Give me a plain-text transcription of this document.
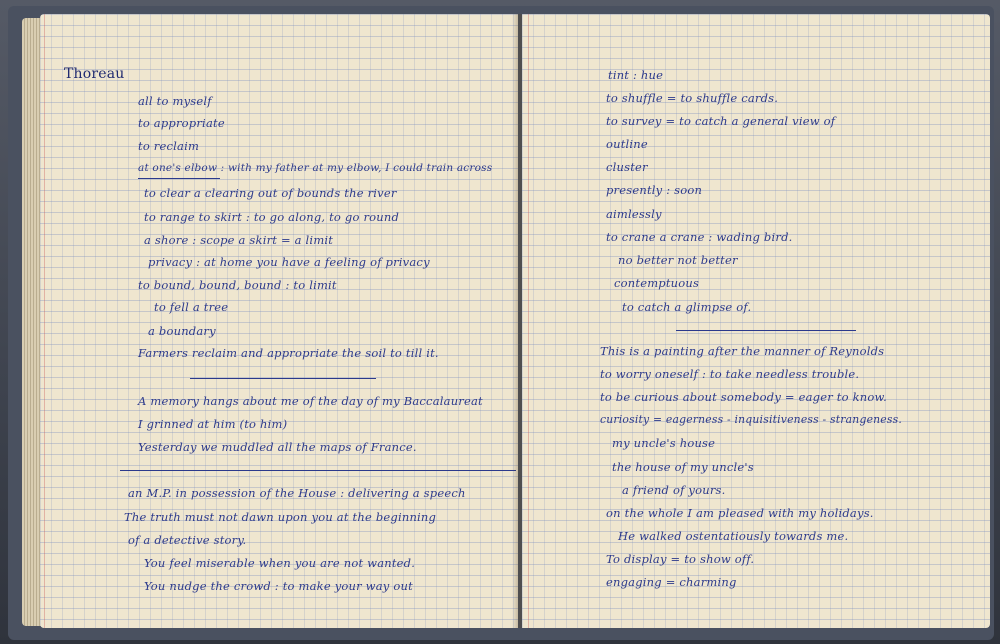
Thoreau
all to myself
to appropriate
to reclaim
at one's elbow : with my father at my elbow, I could train across
to clear a clearing out of bounds the river
to range to skirt : to go along, to go round
a shore : scope a skirt = a limit
privacy : at home you have a feeling of privacy
to bound, bound, bound : to limit
to fell a tree
a boundary
Farmers reclaim and appropriate the soil to till it.
A memory hangs about me of the day of my Baccalaureat
I grinned at him (to him)
Yesterday we muddled all the maps of France.
an M.P. in possession of the House : delivering a speech
The truth must not dawn upon you at the beginning
of a detective story.
You feel miserable when you are not wanted.
You nudge the crowd : to make your way out
tint : hue
to shuffle = to shuffle cards.
to survey = to catch a general view of
outline
cluster
presently : soon
aimlessly
to crane a crane : wading bird.
no better not better
contemptuous
to catch a glimpse of.
This is a painting after the manner of Reynolds
to worry oneself : to take needless trouble.
to be curious about somebody = eager to know.
curiosity = eagerness - inquisitiveness - strangeness.
my uncle's house
the house of my uncle's
a friend of yours.
on the whole I am pleased with my holidays.
He walked ostentatiously towards me.
To display = to show off.
engaging = charming
